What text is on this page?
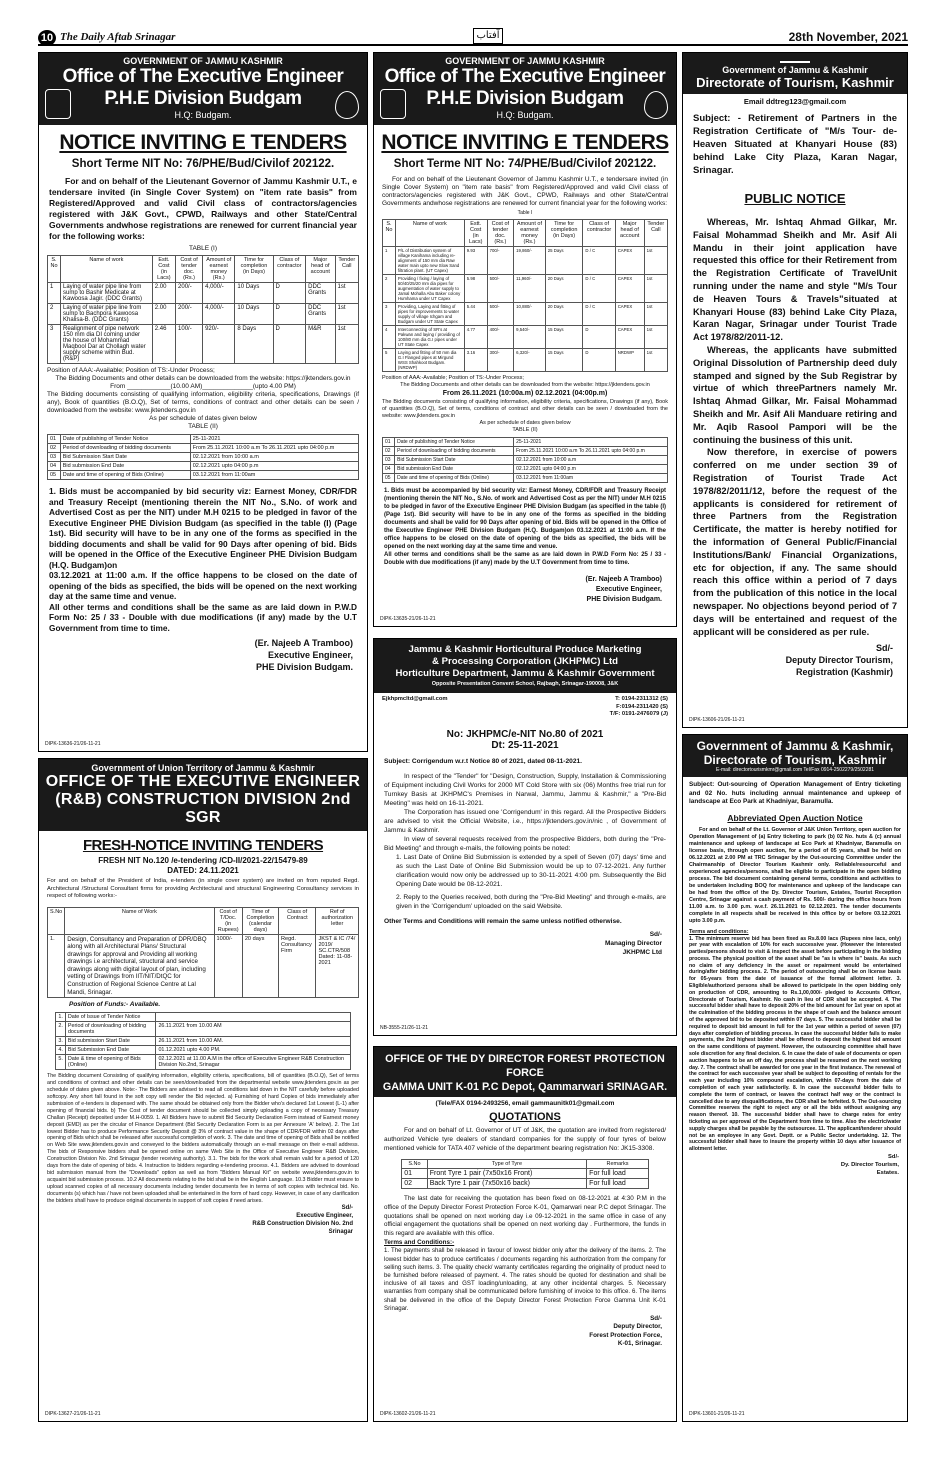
10 The Daily Aftab Srinagar	آفتاب	28th November, 2021
GOVERNMENT OF JAMMU KASHMIR
Office of The Executive Engineer
P.H.E Division Budgam
H.Q: Budgam.
NOTICE INVITING E TENDERS
Short Terme NIT No: 76/PHE/Bud/Civilof 202122.
For and on behalf of the Lieutenant Governor of Jammu Kashmir U.T., e tendersare invited (in Single Cover System) on "item rate basis" from Registered/Approved and valid Civil class of contractors/agencies registered with J&K Govt., CPWD, Railways and other State/Central Governments andwhose registrations are renewed for current financial year for the following works:
TABLE (I)
S. No	Name of work	Estt. Cost (in Lacs)	Cost of tender doc. (Rs.)	Amount of earnest money (Rs.)	Time for completion (in Days)	Class of contractor	Major head of account	Tender Call
1	Laying of water pipe line from sump to Bashir Medicate at Kawoosa Jagir. (DDC Grants)	2.00	200/-	4,000/-	10 Days	D	DDC Grants	1st
2	Laying of water pipe line from sump to Bachpora Kawoosa Khalisa-B. (DDC Grants)	2.00	200/-	4,000/-	10 Days	D	DDC Grants	1st
3	Realignment of pipe network 150 mm dia DI coming under the house of Mohammad Maqbool Dar at Chollagh water supply scheme within Bud. (R&P)	2.46	100/-	920/-	8 Days	D	M&R	1st
Position of AAA:-Available; Position of TS:-Under Process;
The Bidding Documents and other details can be downloaded from the website: https://jktenders.gov.in
From ____________(10.00 AM)______________(upto 4.00 PM)
The Bidding documents consisting of qualifying information, eligibility criteria, specifications, Drawings (if any), Book of quantities (B.O.Q), Set of terms, conditions of contract and other details can be seen / downloaded from the website: www.jktenders.gov.in
As per schedule of dates given below
TABLE (II)
01	Date of publishing of Tender Notice	25-11-2021
02	Period of downloading of bidding documents	From 25.11.2021 10:00 a.m To 26.11.2021 upto 04:00 p.m
03	Bid Submission Start Date	02.12.2021 from 10:00 a.m
04	Bid submission End Date	02.12.2021 upto 04:00 p.m
05	Date and time of opening of Bids (Online)	03.12.2021 from 11:00am
1. Bids must be accompanied by bid security viz: Earnest Money, CDR/FDR and Treasury Receipt (mentioning therein the NIT No., S.No. of work and Advertised Cost as per the NIT) under M.H 0215 to be pledged in favor of the Executive Engineer PHE Division Budgam (as specified in the table (I) (Page 1st). Bid security will have to be in any one of the forms as specified in the bidding documents and shall be valid for 90 Days after opening of bid. Bids will be opened in the Office of the Executive Engineer PHE Division Budgam (H.Q. Budgam)on
03.12.2021 at 11:00 a.m. If the office happens to be closed on the date of opening of the bids as specified, the bids will be opened on the next working day at the same time and venue.
All other terms and conditions shall be the same as are laid down in P.W.D Form No: 25 / 33 - Double with due modifications (if any) made by the U.T Government from time to time.
(Er. Najeeb A Tramboo)
Executive Engineer,
PHE Division Budgam.
DIPK-13636-21/26-11-21
GOVERNMENT OF JAMMU KASHMIR
Office of The Executive Engineer
P.H.E Division Budgam
H.Q: Budgam.
NOTICE INVITING E TENDERS
Short Terme NIT No: 74/PHE/Bud/Civilof 202122.
For and on behalf of the Lieutenant Governor of Jammu Kashmir U.T., e tendersare invited (in Single Cover System) on "item rate basis" from Registered/Approved and valid Civil class of contractors/agencies registered with J&K Govt., CPWD, Railways and other State/Central Governments andwhose registrations are renewed for current financial year for the following works:
Table I
S. No	Name of work	Estt. Cost (in Lacs)	Cost of tender doc. (Rs.)	Amount of earnest money (Rs.)	Time for completion (in Days)	Class of contractor	Major head of account	Tender Call
1	P/L of Distribution system of village Kanihama including re-alignment of 150 mm dia Raw water main upto new Slow Sand filtration plant. (UT Capex)	9.93	700/-	19,860/-	25 Days	D / C	CAPEX	1st
2	Providing / fixing / laying of 50/40/25/20 mm dia pipes for augmentation of water supply to Jamal Mohalla Abu Baker colony Humhama under UT Capex	5.98	500/-	11,960/-	20 Days	D / C	CAPEX	1st
3	Providing, Laying and fitting of pipes for improvements to water supply of village Ichgam and Budgam under UT State Capex	5.44	500/-	10,880/-	20 Days	D / C	CAPEX	1st
4	Interconnecting of SR's at Pakwan and laying / providing of 100/80 mm dia G.I pipes under UT State Capex	4.77	400/-	9,540/-	15 Days	D	CAPEX	1st
5	Laying and fitting of 50 mm dia G.I Flanged pipes at Mirgund WSS Shahkoot Budgam. (NRDWP)	3.16	300/-	6,320/-	15 Days	D	NRDWP	1st
Position of AAA:-Available; Position of TS:-Under Process;
The Bidding Documents and other details can be downloaded from the website: https://jktenders.gov.in
From 26.11.2021 (10:00a.m) 02.12.2021 (04:00p.m)
The Bidding documents consisting of qualifying information, eligibility criteria, specifications, Drawings (if any), Book of quantities (B.O.Q), Set of terms, conditions of contract and other details can be seen / downloaded from the website: www.jktenders.gov.in
As per schedule of dates given below
TABLE (II)
01	Date of publishing of Tender Notice	25-11-2021
02	Period of downloading of bidding documents	From 25.11.2021 10:00 a.m To 26.11.2021 upto 04:00 p.m
03	Bid Submission Start Date	02.12.2021 from 10:00 a.m
04	Bid submission End Date	02.12.2021 upto 04:00 p.m
05	Date and time of opening of Bids (Online)	03.12.2021 from 11:00am
1. Bids must be accompanied by bid security viz: Earnest Money, CDR/FDR and Treasury Receipt (mentioning therein the NIT No., S.No. of work and Advertised Cost as per the NIT) under M.H 0215 to be pledged in favor of the Executive Engineer PHE Division Budgam (as specified in the table (I) (Page 1st). Bid security will have to be in any one of the forms as specified in the bidding documents and shall be valid for 90 Days after opening of bid. Bids will be opened in the Office of the Executive Engineer PHE Division Budgam (H.Q. Budgam)on 03.12.2021 at 11:00 a.m. If the office happens to be closed on the date of opening of the bids as specified, the bids will be opened on the next working day at the same time and venue.
All other terms and conditions shall be the same as are laid down in P.W.D Form No: 25 / 33 - Double with due modifications (if any) made by the U.T Government from time to time.
(Er. Najeeb A Tramboo)
Executive Engineer,
PHE Division Budgam.
DIPK-13635-21/26-11-21
Government of Jammu & Kashmir
Directorate of Tourism, Kashmir
Email ddtreg123@gmail.com
Subject: - Retirement of Partners in the Registration Certificate of "M/s Tour- de-Heaven Situated at Khanyari House (83) behind Lake City Plaza, Karan Nagar, Srinagar.
PUBLIC NOTICE
Whereas, Mr. Ishtaq Ahmad Gilkar, Mr. Faisal Mohammad Sheikh and Mr. Asif Ali Mandu in their joint application have requested this office for their Retirement from the Registration Certificate of TravelUnit running under the name and style "M/s Tour de Heaven Tours & Travels"situated at Khanyari House (83) behind Lake City Plaza, Karan Nagar, Srinagar under Tourist Trade Act 1978/82/2011-12.
Whereas, the applicants have submitted Original Dissolution of Partnership deed duly stamped and signed by the Sub Registrar by virtue of which threePartners namely Mr. Ishtaq Ahmad Gilkar, Mr. Faisal Mohammad Sheikh and Mr. Asif Ali Manduare retiring and Mr. Aqib Rasool Pampori will be the continuing the business of this unit.
Now therefore, in exercise of powers conferred on me under section 39 of Registration of Tourist Trade Act 1978/82/2011/12, before the request of the applicants is considered for retirement of three Partners from the Registration Certificate, the matter is hereby notified for the information of General Public/Financial Institutions/Bank/ Financial Organizations, etc for objection, if any. The same should reach this office within a period of 7 days from the publication of this notice in the local newspaper. No objections beyond period of 7 days will be entertained and request of the applicant will be considered as per rule.
Sd/-
Deputy Director Tourism,
Registration (Kashmir)
DIPK-13606-21/26-11-21
Government of Union Territory of Jammu & Kashmir
OFFICE OF THE EXECUTIVE ENGINEER
(R&B) CONSTRUCTION DIVISION 2nd SGR
FRESH-NOTICE INVITING TENDERS
FRESH NIT No.120 /e-tendering /CD-II/2021-22/15479-89
DATED: 24.11.2021
For and on behalf of the President of India, e-tenders (in single cover system) are invited on from reputed Regd. Architectural /Structural Consultant firms for providing Architectural and structural Engineering Consultancy services in respect of following works:-
S.No	Name of Work	Cost of T/Doc. (in Rupees)	Time of Completion (calendar days)	Class of Contract	Ref of authorization letter
1.	Design, Consultancy and Preparation of DPR/DBQ along with all Architectural Plans/ Structural drawings for approval and Providing all working drawings i.e architectural, structural and service drawings along with digital layout of plan, including vetting of Drawings from IIT/NIT/DtQC for Construction of Regional Science Centre at Lal Mandi, Srinagar.	1000/-	20 days	Regd. Consultancy Firm	JKST & IC /74/ 2019/ SC.CTR/508 Dated: 11-08-2021
Position of Funds:- Available.
1.	Date of Issue of Tender Notice	
2.	Period of downloading of bidding documents	26.11.2021 from 10.00 AM
3.	Bid submission Start Date	26.11.2021 from 10.00 AM.
4.	Bid Submission End Date	01.12.2021 upto 4.00 PM.
5.	Date & time of opening of Bids (Online)	02.12.2021 at 11.00 A.M in the office of Executive Engineer R&B Construction Division No.2nd, Srinagar
The Bidding document Consisting of qualifying information, eligibility criteria, specifications, bill of quantities (B.O.Q), Set of terms and conditions of contract and other details can be seen/downloaded from the departmental website www.jktenders.gov.in as per schedule of dates given above. Note:- The Bidders are advised to read all conditions laid down in the NIT carefully before uploaded softcopy. Any short fall found in the soft copy will render the Bid rejected. a) Furnishing of hard Copies of bids immediately after submission of e-tenders is dispensed with. The same should be obtained only from the Bidder who's declared 1st Lowest (L-1) after opening of financial bids. b) The Cost of tender document should be collected simply uploading a copy of necessary Treasury Challan (Receipt) deposited under M.H-0059. 1. All Bidders have to submit Bid Security Declaration Form instead of Earnest money deposit (EMD) as per the circular of Finance Department (Bid Security Declaration Form is as per Annexure 'A' below). 2. The 1st lowest Bidder has to produce Performance Security Deposit @ 3% of contract value in the shape of CDR/FDR within 02 days after opening of Bids which shall be released after successful completion of work. 3. The date and time of opening of Bids shall be notified on Web Site www.jktenders.gov.in and conveyed to the bidders automatically through an e-mail message on their e-mail address. The bids of Responsive bidders shall be opened online on same Web Site in the Office of Executive Engineer R&B Division, Construction Division No. 2nd Srinagar (tender receiving authority). 3.1. The bids for the work shall remain valid for a period of 120 days from the date of opening of bids. 4. Instruction to bidders regarding e-tendering process. 4.1. Bidders are advised to download bid submission manual from the "Downloads" option as well as from "Bidders Manual Kit" on website www.jktenders.gov.in to acquaint bid submission process. 10.2 All documents relating to the bid shall be in the English Language. 10.3 Bidder must ensure to upload scanned copies of all necessary documents including tender documents fee in terms of soft copies with technical bid. No. documents (s) which has / have not been uploaded shall be entertained in the form of hard copy. However, in case of any clarification the bidders shall have to produce original documents in support of soft copies if need arises.
Sd/-
Executive Engineer,
R&B Construction Division No. 2nd
Srinagar
DIPK-13627-21/26-11-21
Jammu & Kashmir Horticultural Produce Marketing
& Processing Corporation (JKHPMC) Ltd
Horticulture Department, Jammu & Kashmir Government
Opposite Presentation Convent School, Rajbagh, Srinagar-190008, J&K
Ejkhpmcltd@gmail.com	T: 0194-2311312 (S)
F:0194-2311420 (S)
T/F: 0191-2476079 (J)
No: JKHPMC/e-NIT No.80 of 2021
Dt: 25-11-2021
Subject: Corrigendum w.r.t Notice 80 of 2021, dated 08-11-2021.
In respect of the "Tender" for "Design, Construction, Supply, Installation & Commissioning of Equipment including Civil Works for 2000 MT Cold Store with six (06) Months free trial run for Turnkey Basis at JKHPMC's Premises in Narwal, Jammu, Jammu & Kashmir," a "Pre-Bid Meeting" was held on 16-11-2021.
The Corporation has issued one 'Corrigendum' in this regard. All the Prospective Bidders are advised to visit the Official Website, i.e., https://jktenders.gov.in/nic , of Government of Jammu & Kashmir.
In view of several requests received from the prospective Bidders, both during the "Pre-Bid Meeting" and through e-mails, the following points be noted:
1. Last Date of Online Bid Submission is extended by a spell of Seven (07) days' time and as such the Last Date of Online Bid Submission would be up to 07-12-2021. Any further clarification would now only be addressed up to 30-11-2021 4:00 pm. Subsequently the Bid Opening Date would be 08-12-2021.
2. Reply to the Queries received, both during the "Pre-Bid Meeting" and through e-mails, are given in the 'Corrigendum' uploaded on the said Website.
Other Terms and Conditions will remain the same unless notified otherwise.
Sd/-
Managing Director
JKHPMC Ltd
NB-3555-21/26-11-21
OFFICE OF THE DY DIRECTOR FOREST PROTECTION FORCE
GAMMA UNIT K-01 P.C Depot, Qammarwari SRINAGAR.
(Tele/FAX 0194-2493256, email gammaunitk01@gmail.com
QUOTATIONS
For and on behalf of Lt. Governor of UT of J&K, the quotation are invited from registered/ authorized Vehicle tyre dealers of standard companies for the supply of four tyres of below mentioned vehicle for TATA 407 vehicle of the department bearing registration No: JK15-3308.
S.No	Type of Tyre	Remarks
01	Front Tyre 1 pair (7x50x16 Front)	For full load
02	Back Tyre 1 pair (7x50x16 back)	For full load
The last date for receiving the quotation has been fixed on 08-12-2021 at 4:30 P.M in the office of the Deputy Director Forest Protection Force K-01, Qamarwari near P.C depot Srinagar. The quotations shall be opened on next working day i.e 09-12-2021 in the same office in case of any official engagement the quotations shall be opened on next working day . Furthermore, the funds in this regard are available with this office.
Terms and Conditions:-
1. The payments shall be released in favour of lowest bidder only after the delivery of the items. 2. The lowest bidder has to produce certificates / documents regarding his authorization from the company for selling such items. 3. The quality check/ warranty certificates regarding the originality of product need to be furnished before released of payment. 4. The rates should be quoted for destination and shall be inclusive of all taxes and GST loading/unloading, at any other incidental charges. 5. Necessary warranties from company shall be communicated before furnishing of invoice to this office. 6. The items shall be delivered in the office of the Deputy Director Forest Protection Force Gamma Unit K-01 Srinagar.
Sd/-
Deputy Director,
Forest Protection Force,
K-01, Srinagar.
DIPK-13602-21/26-11-21
Government of Jammu & Kashmir,
Directorate of Tourism, Kashmir
E-mail: directortourismkmr@gmail.com Tel/Fax 0914-2502279/2502281
Subject: Out-sourcing of Operation Management of Entry ticketing and 02 No. huts including annual maintenance and upkeep of landscape at Eco Park at Khadniyar, Baramulla.
Abbreviated Open Auction Notice
For and on behalf of the Lt. Governor of J&K Union Territory, open auction for Operation Management of (a) Entry ticketing to park (b) 02 No. huts & (c) annual maintenance and upkeep of landscape at Eco Park at Khadniyar, Baramulla on license basis, through open auction, for a period of 05 years, shall be held on 06.12.2021 at 2.00 PM at TRC Srinagar by the Out-sourcing Committee under the Chairmanship of Director Tourism Kashmir only. Reliable/resourceful and experienced agencies/persons, shall be eligible to participate in the open bidding process. The bid document containing general terms, conditions and activities to be undertaken including BOQ for maintenance and upkeep of the landscape can be had from the office of the Dy. Director Tourism, Estates, Tourist Reception Centre, Srinagar against a cash payment of Rs. 500/- during the office hours from 11.00 a.m. to 3.00 p.m. w.e.f. 26.11.2021 to 02.12.2021. The tender documents complete in all respects shall be received in this office by or before 03.12.2021 upto 3.00 p.m.
Terms and conditions:
1. The minimum reserve bid has been fixed as Rs.8.00 lacs (Rupees nine lacs, only) per year with escalation of 10% for each successive year. (However the interested parties/persons should to visit & inspect the asset before participating in the bidding process. The physical position of the asset shall be "as is where is" basis. As such no claim of any deficiency in the asset or repairment would be entertained during/after bidding process. 2. The period of outsourcing shall be on license basis for 05-years from the date of issuance of the formal allotment letter. 3. Eligible/authorized persons shall be allowed to participate in the open bidding only on production of CDR, amounting to Rs.1,00,000/- pledged to Accounts Officer, Directorate of Tourism, Kashmir. No cash in lieu of CDR shall be accepted. 4. The successful bidder shall have to deposit 20% of the bid amount for 1st year on spot at the culmination of the bidding process in the shape of cash and the balance amount of the approved bid to be deposited within 07 days. 5. The successful bidder shall be required to deposit bid amount in full for the 1st year within a period of seven (07) days after completion of bidding process. In case the successful bidder fails to make payments, the 2nd highest bidder shall be offered to deposit the highest bid amount on the same conditions of payment. However, the outsourcing committee shall have sole discretion for any final decision. 6. In case the date of sale of documents or open auction happens to be an off day, the process shall be resumed on the next working day. 7. The contract shall be awarded for one year in the first instance. The renewal of the contract for each successive year shall be subject to depositing of rentals for the each year including 10% compound escalation, within 07-days from the date of completion of each year satisfactorily. 8. In case the successful bidder fails to complete the term of contract, or leaves the contract half way or the contract is cancelled due to any disqualifications, the CDR shall be forfeited. 9. The Out-sourcing Committee reserves the right to reject any or all the bids without assigning any reason thereof. 10. The successful bidder shall have to charge rates for entry ticketing as per approval of the Department from time to time. Also the electric/water supply charges shall be payable by the outsourcee. 11. The applicant/tenderer should not be an employee in any Govt. Deptt. or a Public Sector undertaking. 12. The successful bidder shall have to insure the property within 10 days after issuance of allotment letter.
Sd/-
Dy. Director Tourism,
Estates.
DIPK-13601-21/26-11-21
